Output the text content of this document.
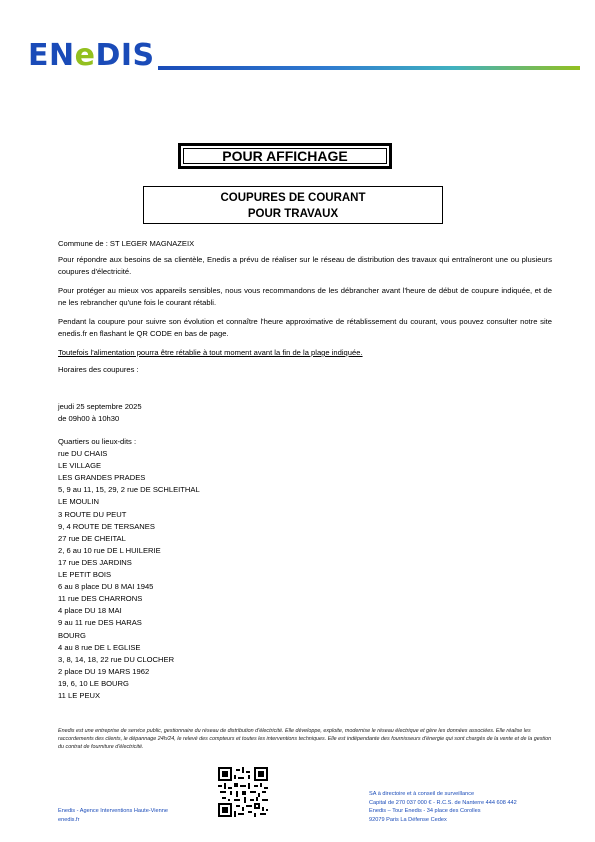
ENeDIS
POUR AFFICHAGE
COUPURES DE COURANT
POUR TRAVAUX
Commune de : ST LEGER MAGNAZEIX
Pour répondre aux besoins de sa clientèle, Enedis a prévu de réaliser sur le réseau de distribution des travaux qui entraîneront une ou plusieurs coupures d'électricité.
Pour protéger au mieux vos appareils sensibles, nous vous recommandons de les débrancher avant l'heure de début de coupure indiquée, et de ne les rebrancher qu'une fois le courant rétabli.
Pendant la coupure pour suivre son évolution et connaître l'heure approximative de rétablissement du courant, vous pouvez consulter notre site enedis.fr en flashant le QR CODE en bas de page.
Toutefois l'alimentation pourra être rétablie à tout moment avant la fin de la plage indiquée.
Horaires des coupures :
jeudi 25 septembre 2025
de 09h00 à 10h30
Quartiers ou lieux-dits :
rue DU CHAIS
LE VILLAGE
LES GRANDES PRADES
5, 9 au 11, 15, 29, 2 rue DE SCHLEITHAL
LE MOULIN
3 ROUTE DU PEUT
9, 4 ROUTE DE TERSANES
27 rue DE CHEITAL
2, 6 au 10 rue DE L HUILERIE
17 rue DES JARDINS
LE PETIT BOIS
6 au 8 place DU 8 MAI 1945
11 rue DES CHARRONS
4 place DU 18 MAI
9 au 11 rue DES HARAS
BOURG
4 au 8 rue DE L EGLISE
3, 8, 14, 18, 22 rue DU CLOCHER
2 place DU 19 MARS 1962
19, 6, 10 LE BOURG
11 LE PEUX
Enedis est une entreprise de service public, gestionnaire du réseau de distribution d'électricité. Elle développe, exploite, modernise le réseau électrique et gère les données associées. Elle réalise les raccordements des clients, le dépannage 24h/24, le relevé des compteurs et toutes les interventions techniques. Elle est indépendante des fournisseurs d'énergie qui sont chargés de la vente et de la gestion du contrat de fourniture d'électricité.
Enedis - Agence Interventions Haute-Vienne
enedis.fr
SA à directoire et à conseil de surveillance
Capital de 270 037 000 € - R.C.S. de Nanterre 444 608 442
Enedis – Tour Enedis - 34 place des Corolles
92079 Paris La Défense Cedex
